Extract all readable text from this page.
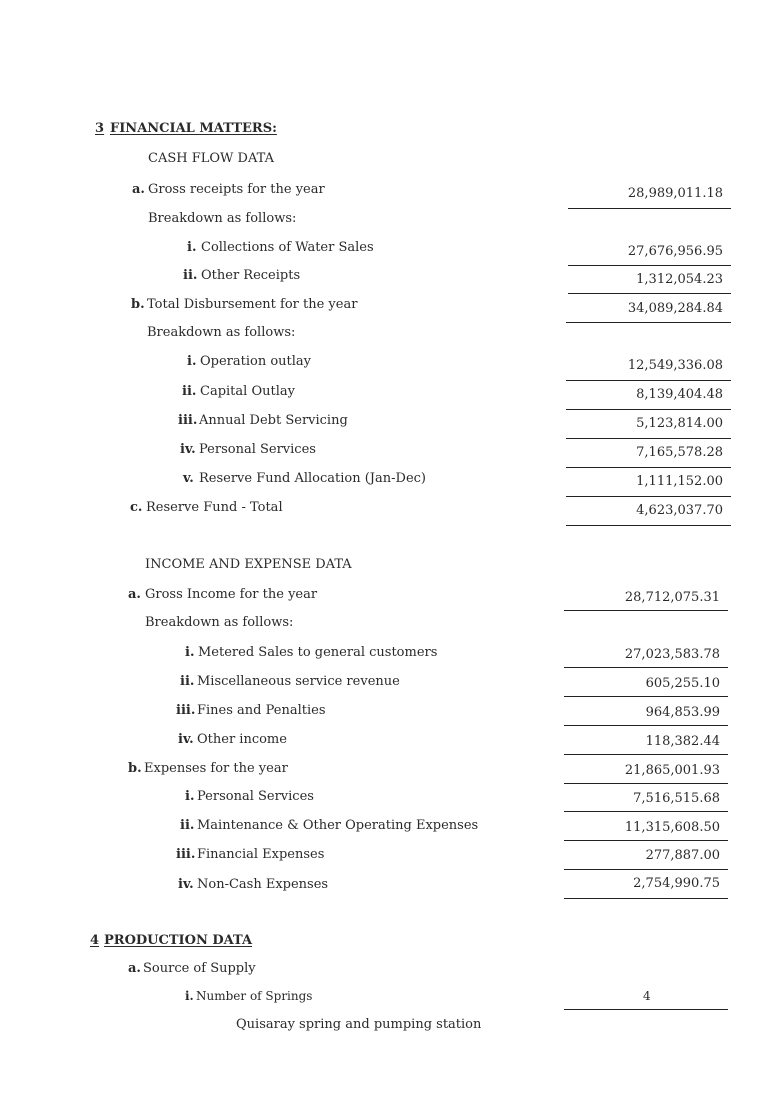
3 FINANCIAL MATTERS:
CASH FLOW DATA
a. Gross receipts for the year	28,989,011.18
Breakdown as follows:
i. Collections of Water Sales	27,676,956.95
ii. Other Receipts	1,312,054.23
b. Total Disbursement for the year	34,089,284.84
Breakdown as follows:
i. Operation outlay	12,549,336.08
ii. Capital Outlay	8,139,404.48
iii. Annual Debt Servicing	5,123,814.00
iv. Personal Services	7,165,578.28
v. Reserve Fund Allocation (Jan-Dec)	1,111,152.00
c. Reserve Fund - Total	4,623,037.70
INCOME AND EXPENSE DATA
a. Gross Income for the year	28,712,075.31
Breakdown as follows:
i. Metered Sales to general customers	27,023,583.78
ii. Miscellaneous service revenue	605,255.10
iii. Fines and Penalties	964,853.99
iv. Other income	118,382.44
b. Expenses for the year	21,865,001.93
i. Personal Services	7,516,515.68
ii. Maintenance & Other Operating Expenses	11,315,608.50
iii. Financial Expenses	277,887.00
iv. Non-Cash Expenses	2,754,990.75
4 PRODUCTION DATA
a. Source of Supply
i. Number of Springs	4
Quisaray spring and pumping station
